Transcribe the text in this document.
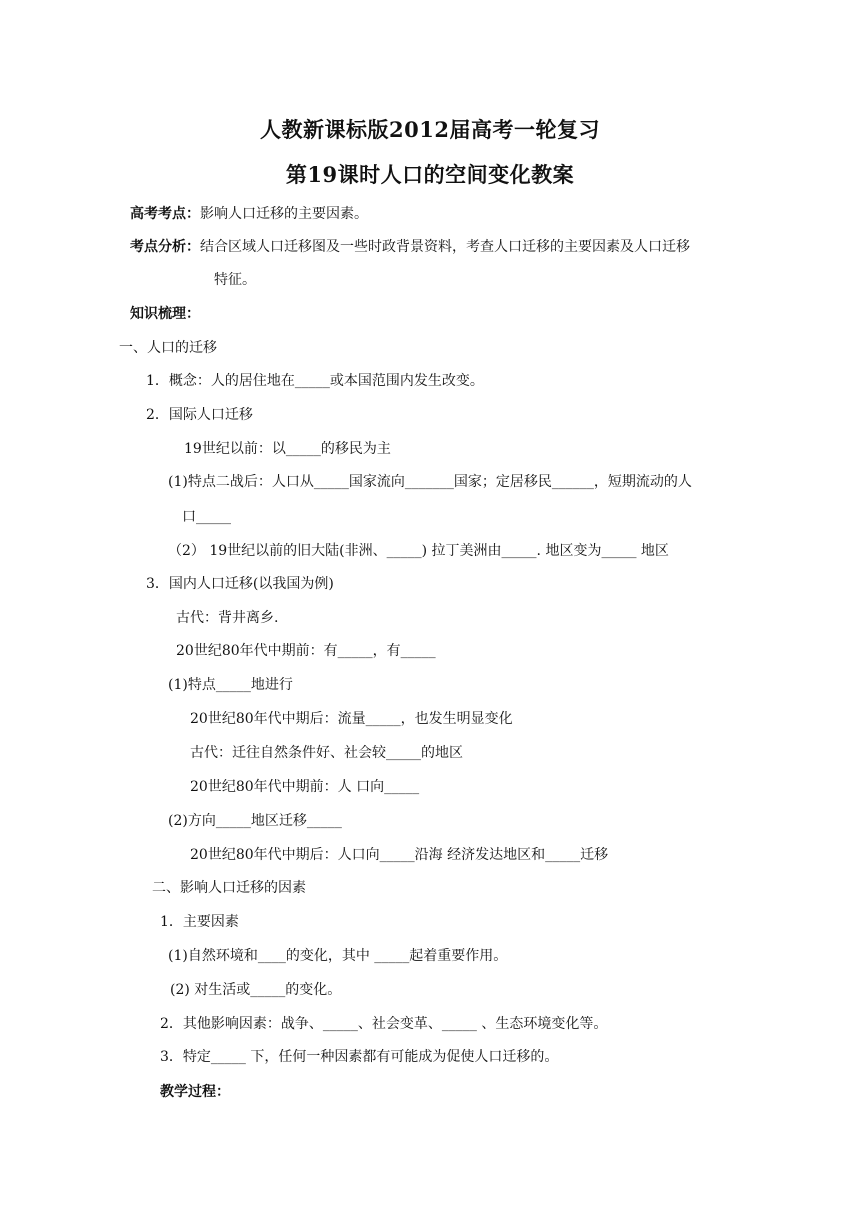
人教新课标版2012届高考一轮复习
第19课时人口的空间变化教案
高考考点：影响人口迁移的主要因素。
考点分析：结合区域人口迁移图及一些时政背景资料，考查人口迁移的主要因素及人口迁移
特征。
知识梳理：
一、人口的迁移
1．概念：人的居住地在_____或本国范围内发生改变。
2．国际人口迁移
19世纪以前：以_____的移民为主
(1)特点二战后：人口从_____国家流向_______国家；定居移民______，短期流动的人
口_____
（2） 19世纪以前的旧大陆(非洲、_____) 拉丁美洲由_____. 地区变为_____ 地区
3．国内人口迁移(以我国为例)
古代：背井离乡.
20世纪80年代中期前：有_____，有_____
(1)特点_____地进行
20世纪80年代中期后：流量_____，也发生明显变化
古代：迁往自然条件好、社会较_____的地区
20世纪80年代中期前：人 口向_____
(2)方向_____地区迁移_____
20世纪80年代中期后：人口向_____沿海 经济发达地区和_____迁移
二、影响人口迁移的因素
1．主要因素
(1)自然环境和____的变化，其中 _____起着重要作用。
(2) 对生活或_____的变化。
2．其他影响因素：战争、_____、社会变革、_____ 、生态环境变化等。
3．特定_____ 下，任何一种因素都有可能成为促使人口迁移的。
教学过程：
